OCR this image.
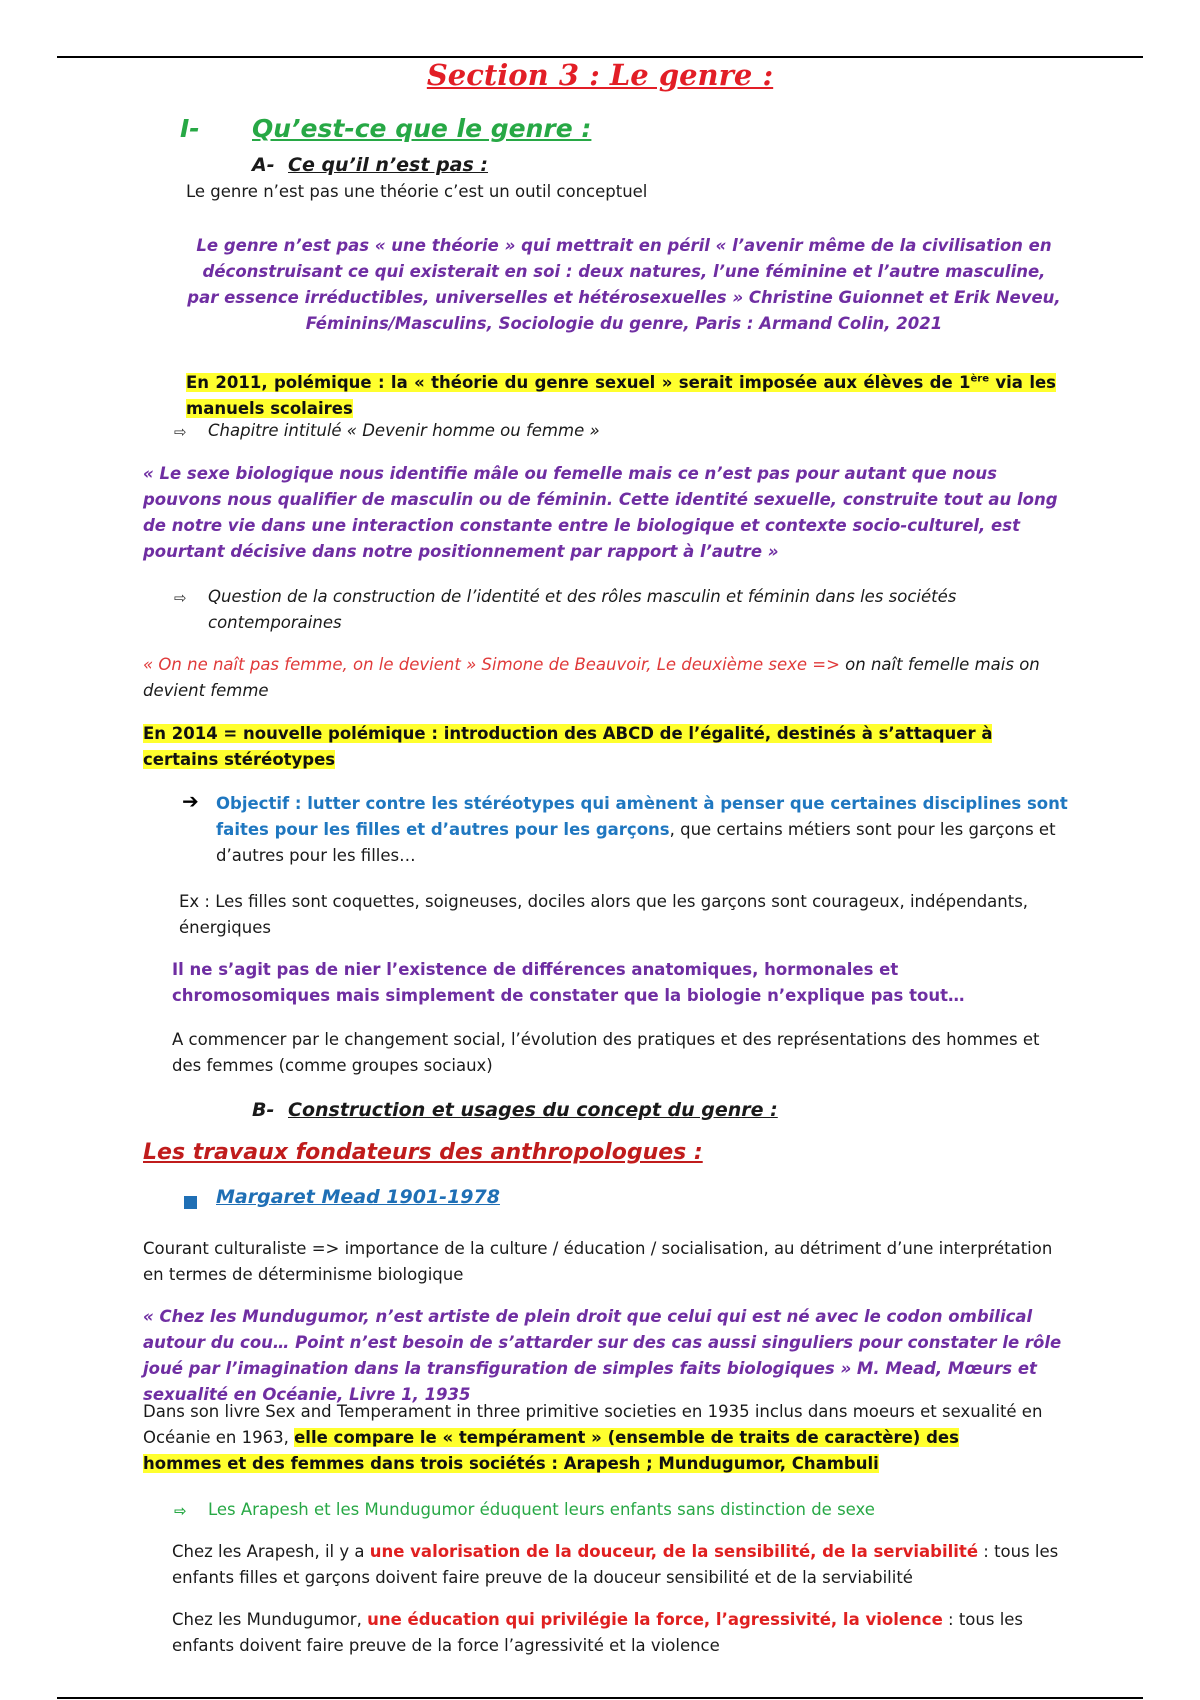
Section 3 : Le genre :
I- Qu’est-ce que le genre :
A- Ce qu’il n’est pas :

Le genre n’est pas une théorie c’est un outil conceptuel

Le genre n’est pas « une théorie » qui mettrait en péril « l’avenir même de la civilisation en déconstruisant ce qui existerait en soi : deux natures, l’une féminine et l’autre masculine, par essence irréductibles, universelles et hétérosexuelles » Christine Guionnet et Erik Neveu, Féminins/Masculins, Sociologie du genre, Paris : Armand Colin, 2021

En 2011, polémique : la « théorie du genre sexuel » serait imposée aux élèves de 1ère via les manuels scolaires

⇨ Chapitre intitulé « Devenir homme ou femme »

« Le sexe biologique nous identifie mâle ou femelle mais ce n’est pas pour autant que nous pouvons nous qualifier de masculin ou de féminin. Cette identité sexuelle, construite tout au long de notre vie dans une interaction constante entre le biologique et contexte socio-culturel, est pourtant décisive dans notre positionnement par rapport à l’autre »

⇨ Question de la construction de l’identité et des rôles masculin et féminin dans les sociétés contemporaines

« On ne naît pas femme, on le devient » Simone de Beauvoir, Le deuxième sexe => on naît femelle mais on devient femme

En 2014 = nouvelle polémique : introduction des ABCD de l’égalité, destinés à s’attaquer à certains stéréotypes

➔ Objectif : lutter contre les stéréotypes qui amènent à penser que certaines disciplines sont faites pour les filles et d’autres pour les garçons, que certains métiers sont pour les garçons et d’autres pour les filles…

Ex : Les filles sont coquettes, soigneuses, dociles alors que les garçons sont courageux, indépendants, énergiques

Il ne s’agit pas de nier l’existence de différences anatomiques, hormonales et chromosomiques mais simplement de constater que la biologie n’explique pas tout…

A commencer par le changement social, l’évolution des pratiques et des représentations des hommes et des femmes (comme groupes sociaux)

B- Construction et usages du concept du genre :
Les travaux fondateurs des anthropologues :
Margaret Mead 1901-1978

Courant culturaliste => importance de la culture / éducation / socialisation, au détriment d’une interprétation en termes de déterminisme biologique

« Chez les Mundugumor, n’est artiste de plein droit que celui qui est né avec le codon ombilical autour du cou… Point n’est besoin de s’attarder sur des cas aussi singuliers pour constater le rôle joué par l’imagination dans la transfiguration de simples faits biologiques » M. Mead, Mœurs et sexualité en Océanie, Livre 1, 1935

Dans son livre Sex and Temperament in three primitive societies en 1935 inclus dans moeurs et sexualité en Océanie en 1963, elle compare le « tempérament » (ensemble de traits de caractère) des hommes et des femmes dans trois sociétés : Arapesh ; Mundugumor, Chambuli

⇨ Les Arapesh et les Mundugumor éduquent leurs enfants sans distinction de sexe

Chez les Arapesh, il y a une valorisation de la douceur, de la sensibilité, de la serviabilité : tous les enfants filles et garçons doivent faire preuve de la douceur sensibilité et de la serviabilité

Chez les Mundugumor, une éducation qui privilégie la force, l’agressivité, la violence : tous les enfants doivent faire preuve de la force l’agressivité et la violence
